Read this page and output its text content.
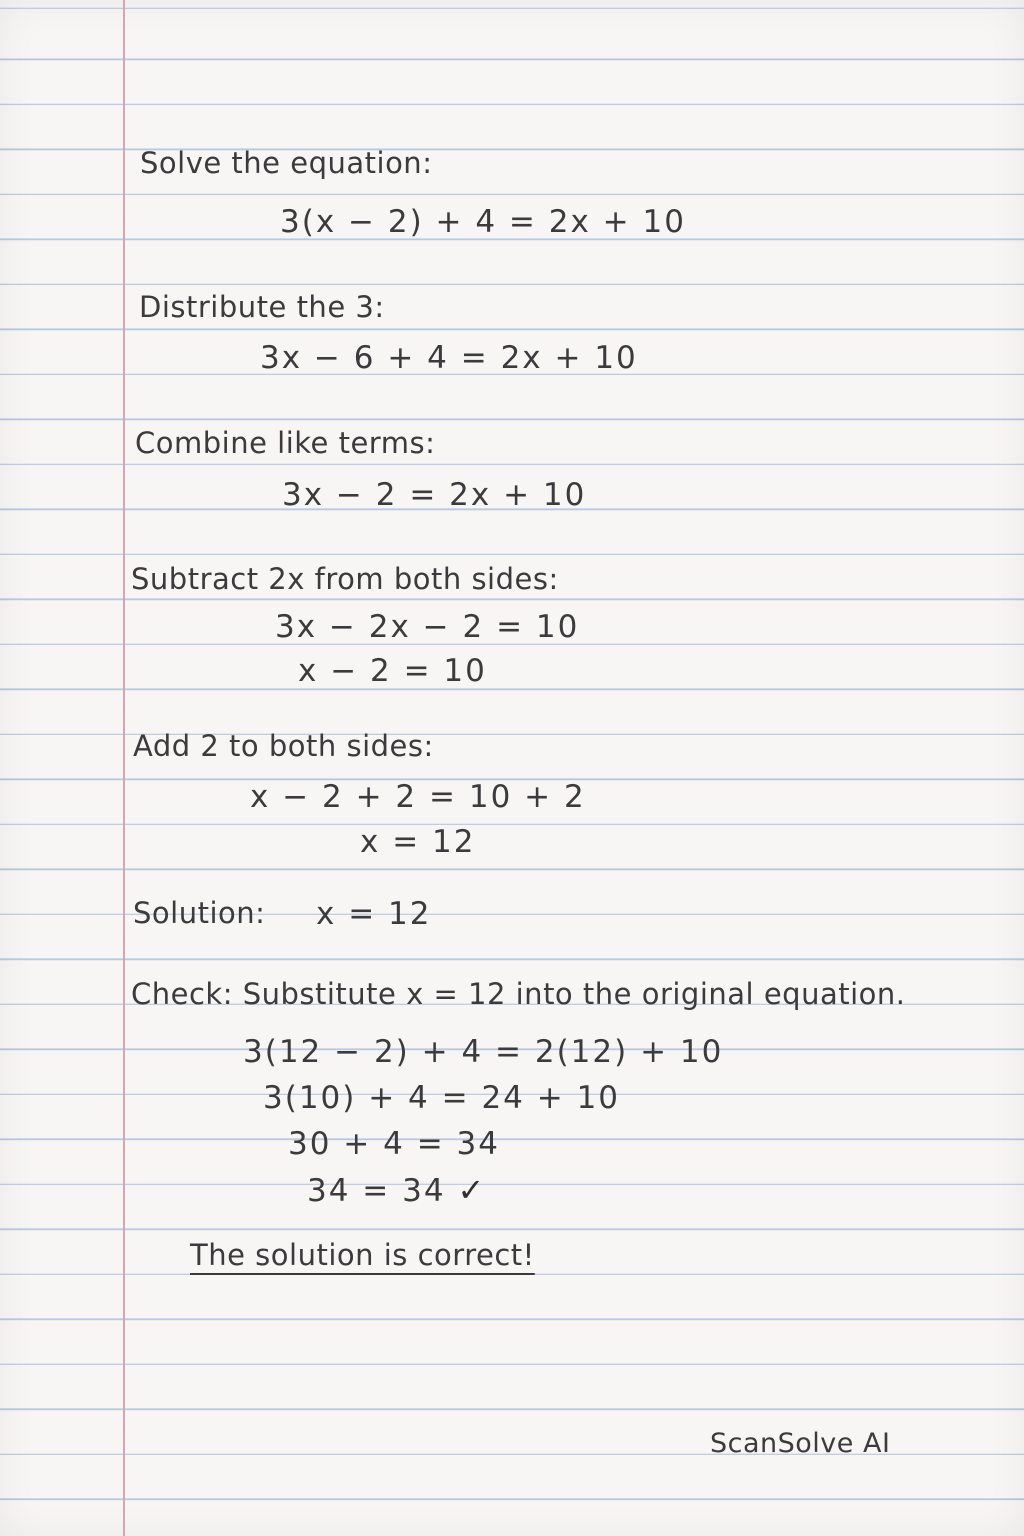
Solve the equation:
3(x − 2) + 4 = 2x + 10
Distribute the 3:
3x − 6 + 4 = 2x + 10
Combine like terms:
3x − 2 = 2x + 10
Subtract 2x from both sides:
3x − 2x − 2 = 10
x − 2 = 10
Add 2 to both sides:
x − 2 + 2 = 10 + 2
x = 12
Solution: x = 12
Check: Substitute x = 12 into the original equation.
3(12 − 2) + 4 = 2(12) + 10
3(10) + 4 = 24 + 10
30 + 4 = 34
34 = 34 ✓
The solution is correct!
ScanSolve AI
